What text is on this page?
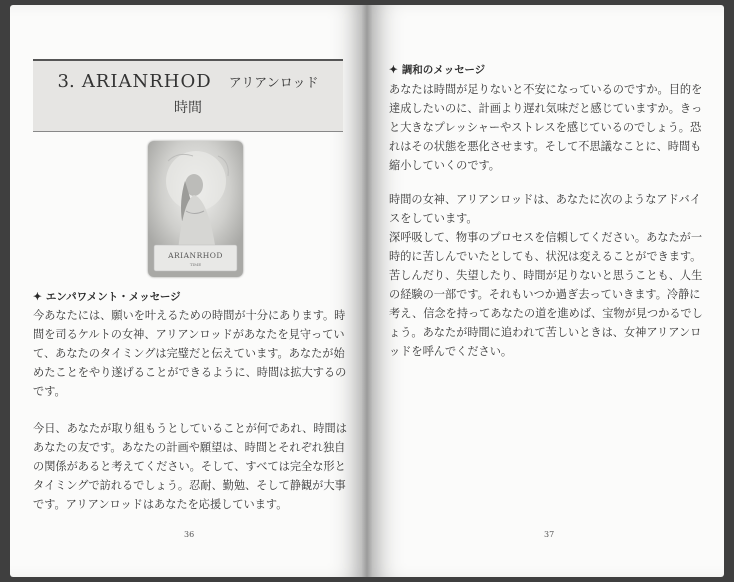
3. ARIANRHOD アリアンロッド
時間
ARIANRHOD
TIME
✦ エンパワメント・メッセージ

今あなたには、願いを叶えるための時間が十分にあります。時間を司るケルトの女神、アリアンロッドがあなたを見守っていて、あなたのタイミングは完璧だと伝えています。あなたが始めたことをやり遂げることができるように、時間は拡大するのです。

今日、あなたが取り組もうとしていることが何であれ、時間はあなたの友です。あなたの計画や願望は、時間とそれぞれ独自の関係があると考えてください。そして、すべては完全な形とタイミングで訪れるでしょう。忍耐、勤勉、そして静観が大事です。アリアンロッドはあなたを応援しています。

36
✦ 調和のメッセージ

あなたは時間が足りないと不安になっているのですか。目的を達成したいのに、計画より遅れ気味だと感じていますか。きっと大きなプレッシャーやストレスを感じているのでしょう。恐れはその状態を悪化させます。そして不思議なことに、時間も縮小していくのです。

時間の女神、アリアンロッドは、あなたに次のようなアドバイスをしています。
深呼吸して、物事のプロセスを信頼してください。あなたが一時的に苦しんでいたとしても、状況は変えることができます。苦しんだり、失望したり、時間が足りないと思うことも、人生の経験の一部です。それもいつか過ぎ去っていきます。冷静に考え、信念を持ってあなたの道を進めば、宝物が見つかるでしょう。あなたが時間に追われて苦しいときは、女神アリアンロッドを呼んでください。

37
